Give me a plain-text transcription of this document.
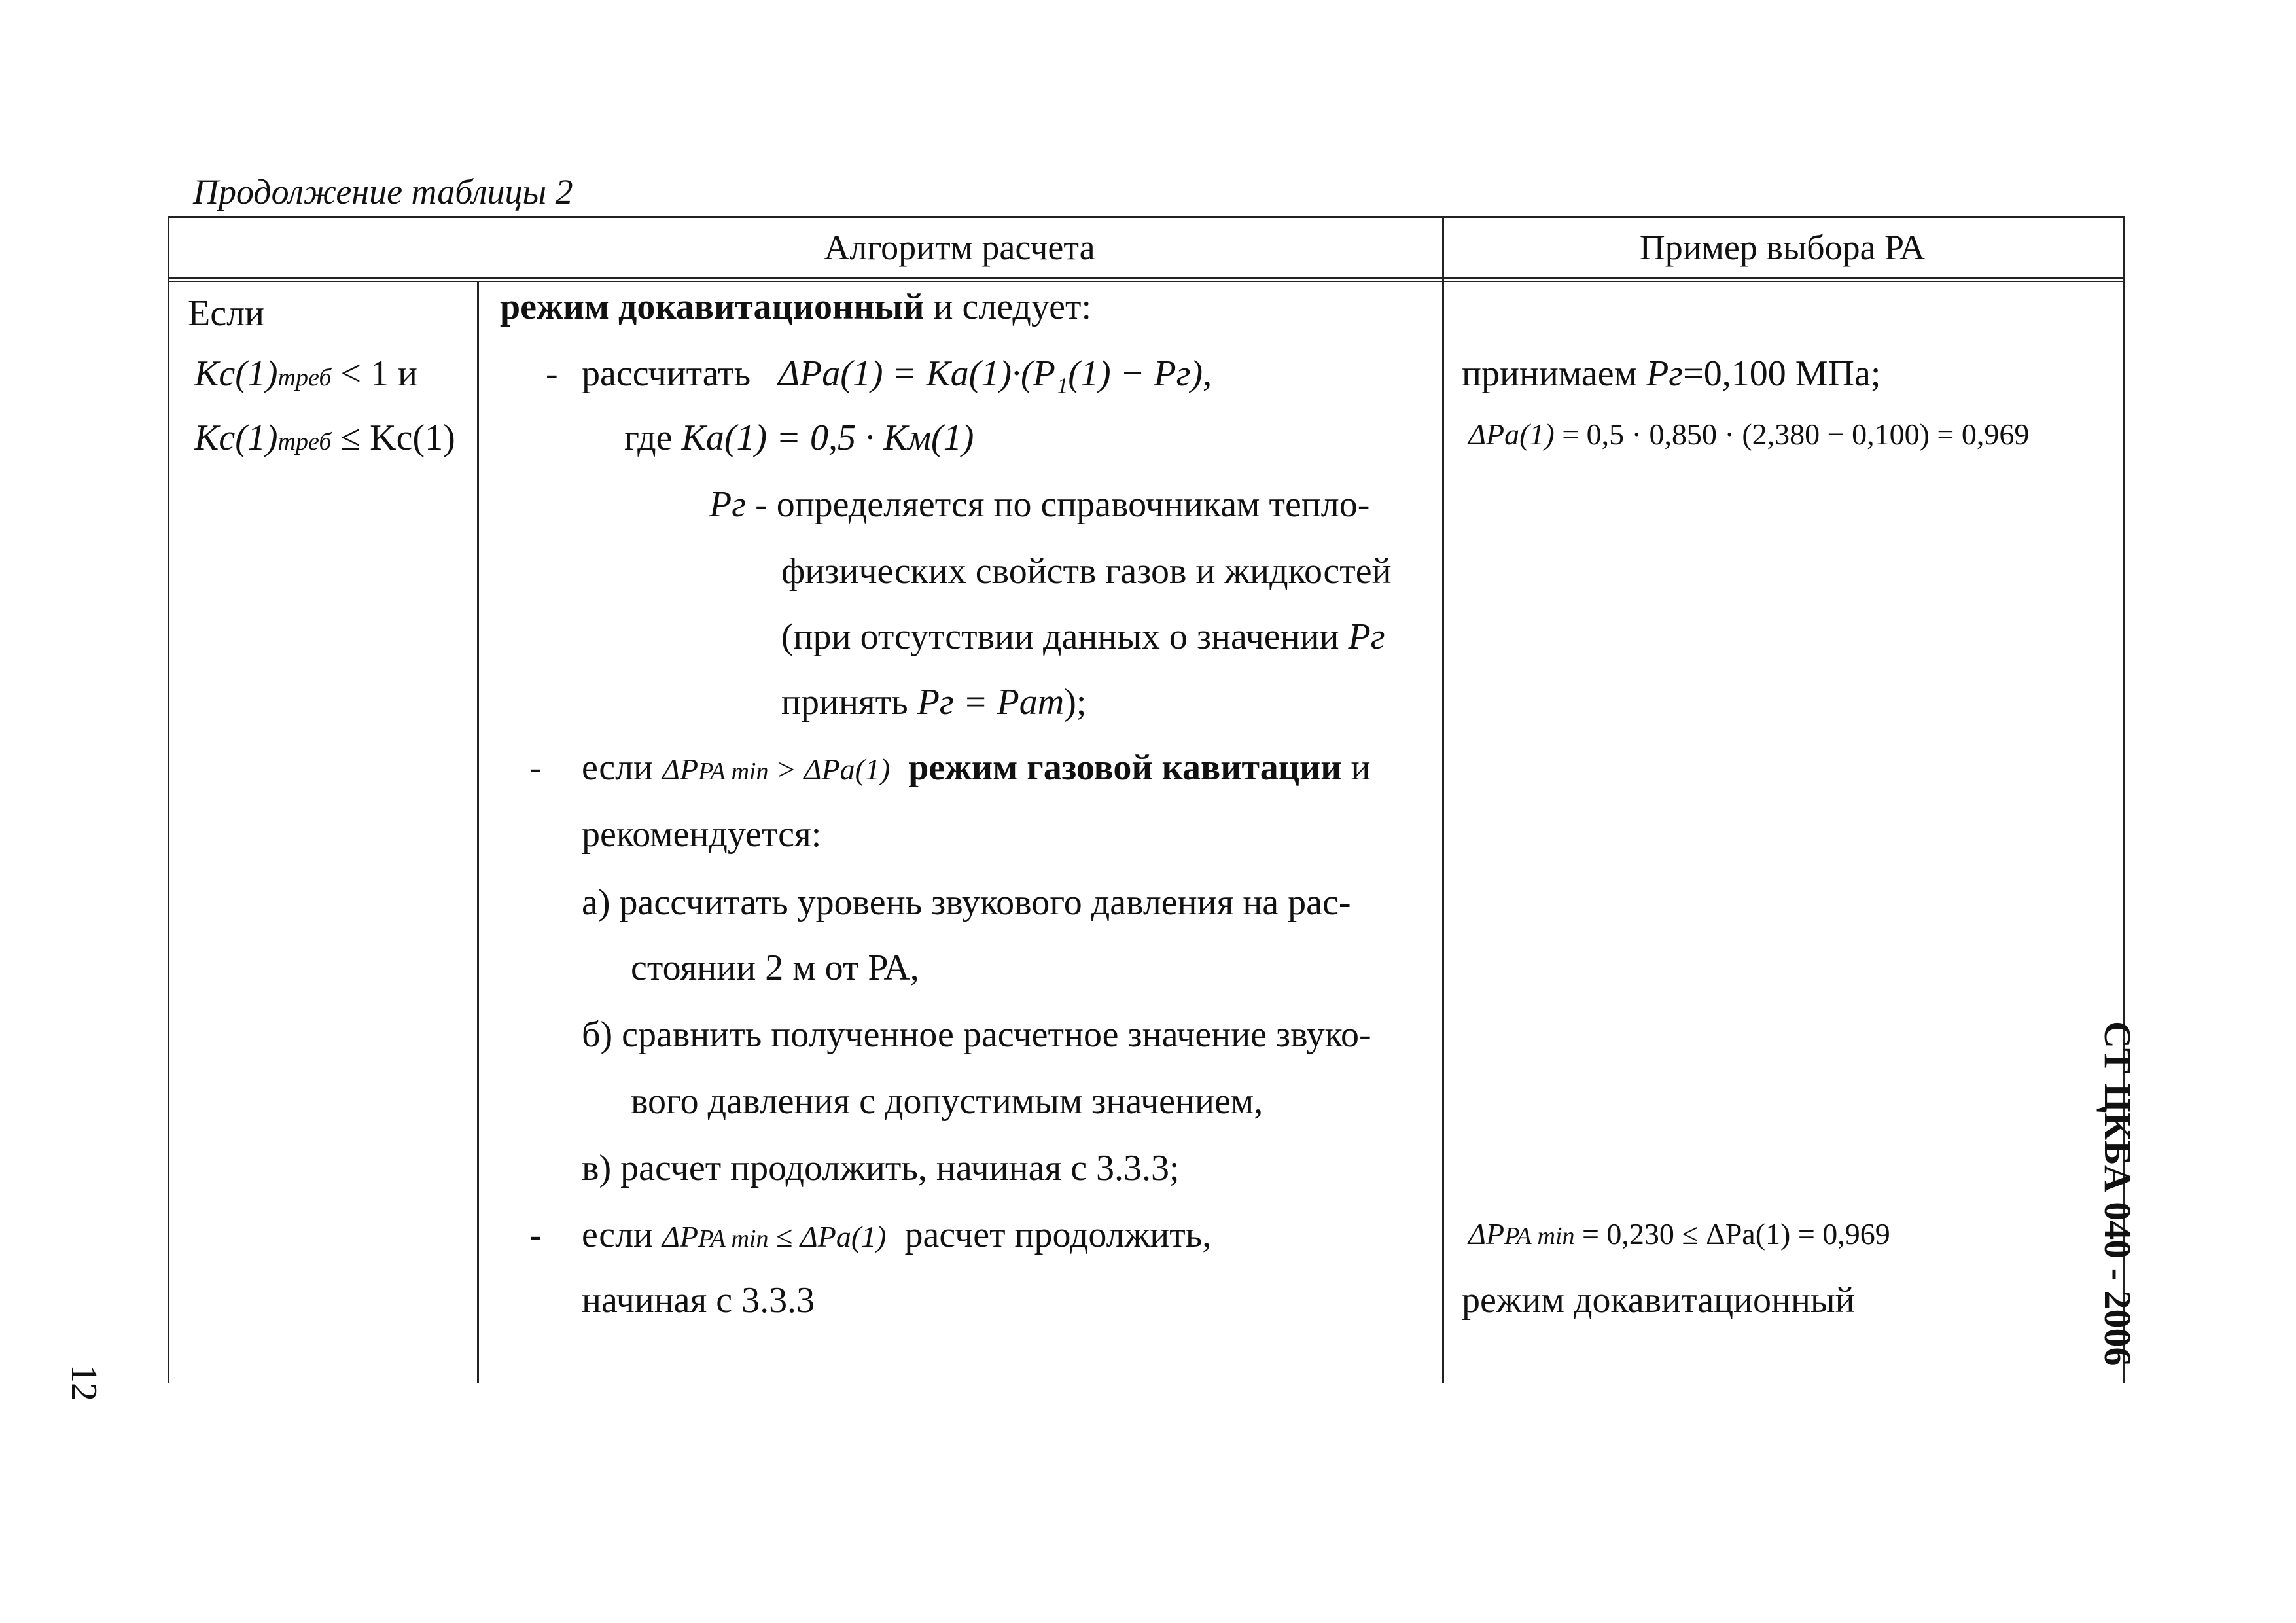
Продолжение таблицы 2
Алгоритм расчета	Пример выбора РА
Если
Kc(1)треб < 1 и
Kc(1)треб ≤ Kc(1)
режим докавитационный и следует:
- рассчитать ΔPa(1) = Ka(1)·(P₁(1) − Pг),
где Ka(1) = 0,5 · Kм(1)
Pг - определяется по справочникам тепло-
физических свойств газов и жидкостей
(при отсутствии данных о значении Pг
принять Pг = Pат);
- если ΔPPA min > ΔPa(1) режим газовой кавитации и
рекомендуется:
а) рассчитать уровень звукового давления на рас-
стоянии 2 м от РА,
б) сравнить полученное расчетное значение звуко-
вого давления с допустимым значением,
в) расчет продолжить, начиная с 3.3.3;
- если ΔPPA min ≤ ΔPa(1) расчет продолжить,
начиная с 3.3.3
принимаем Pг=0,100 МПа;
ΔPa(1) = 0,5 · 0,850 · (2,380 − 0,100) = 0,969
ΔPPA min = 0,230 ≤ ΔPa(1) = 0,969
режим докавитационный	СТ ЦКБА 040 - 2006
12
